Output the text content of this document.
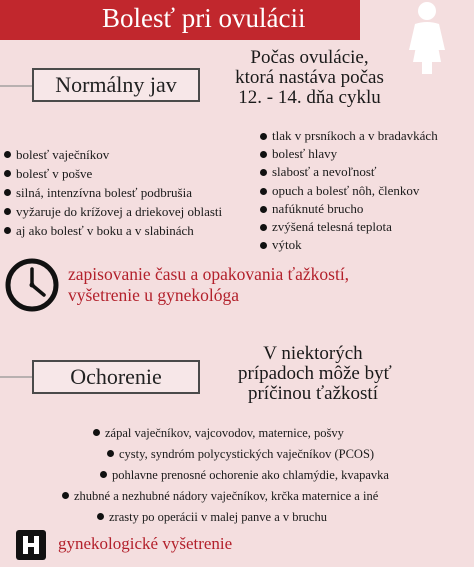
Bolesť pri ovulácii
Normálny jav
Počas ovulácie,
ktorá nastáva počas
12. - 14. dňa cyklu
bolesť vaječníkov
bolesť v pošve
silná, intenzívna bolesť podbrušia
vyžaruje do krížovej a driekovej oblasti
aj ako bolesť v boku a v slabinách
tlak v prsníkoch a v bradavkách
bolesť hlavy
slabosť a nevoľnosť
opuch a bolesť nôh, členkov
nafúknuté brucho
zvýšená telesná teplota
výtok
zapisovanie času a opakovania ťažkostí,
vyšetrenie u gynekológa
Ochorenie
V niektorých
prípadoch môže byť
príčinou ťažkostí
zápal vaječníkov, vajcovodov, maternice, pošvy
cysty, syndróm polycystických vaječníkov (PCOS)
pohlavne prenosné ochorenie ako chlamýdie, kvapavka
zhubné a nezhubné nádory vaječníkov, krčka maternice a iné
zrasty po operácii v malej panve a v bruchu
gynekologické vyšetrenie
